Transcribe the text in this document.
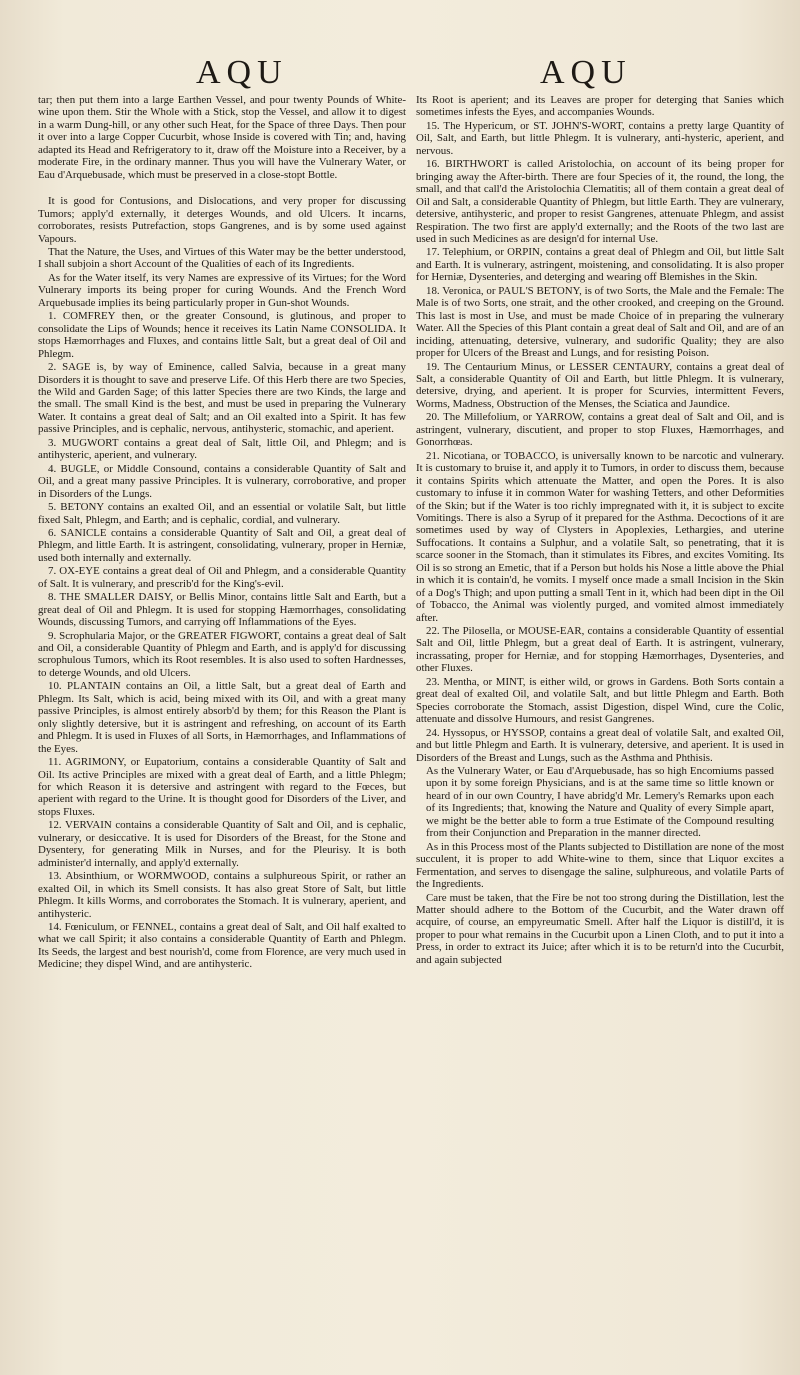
AQU	AQU

tar; then put them into a large Earthen Vessel, and pour twenty Pounds of White-wine upon them. Stir the Whole with a Stick, stop the Vessel, and allow it to digest in a warm Dung-hill, or any other such Heat, for the Space of three Days. Then pour it over into a large Copper Cucurbit, whose Inside is covered with Tin; and, having adapted its Head and Refrigeratory to it, draw off the Moisture into a Receiver, by a moderate Fire, in the ordinary manner. Thus you will have the Vulnerary Water, or Eau d'Arquebusade, which must be preserved in a close-stopt Bottle.

It is good for Contusions, and Dislocations, and very proper for discussing Tumors; apply'd externally, it deterges Wounds, and old Ulcers. It incarns, corroborates, resists Putrefaction, stops Gangrenes, and is by some used against Vapours.

That the Nature, the Uses, and Virtues of this Water may be the better understood, I shall subjoin a short Account of the Qualities of each of its Ingredients.

As for the Water itself, its very Names are expressive of its Virtues; for the Word Vulnerary imports its being proper for curing Wounds. And the French Word Arquebusade implies its being particularly proper in Gun-shot Wounds.

1. COMFREY then, or the greater Consound, is glutinous, and proper to consolidate the Lips of Wounds; hence it receives its Latin Name CONSOLIDA. It stops Hæmorrhages and Fluxes, and contains little Salt, but a great deal of Oil and Phlegm.

2. SAGE is, by way of Eminence, called Salvia, because in a great many Disorders it is thought to save and preserve Life. Of this Herb there are two Species, the Wild and Garden Sage; of this latter Species there are two Kinds, the large and the small. The small Kind is the best, and must be used in preparing the Vulnerary Water. It contains a great deal of Salt; and an Oil exalted into a Spirit. It has few passive Principles, and is cephalic, nervous, antihysteric, stomachic, and aperient.

3. MUGWORT contains a great deal of Salt, little Oil, and Phlegm; and is antihysteric, aperient, and vulnerary.

4. BUGLE, or Middle Consound, contains a considerable Quantity of Salt and Oil, and a great many passive Principles. It is vulnerary, corroborative, and proper in Disorders of the Lungs.

5. BETONY contains an exalted Oil, and an essential or volatile Salt, but little fixed Salt, Phlegm, and Earth; and is cephalic, cordial, and vulnerary.

6. SANICLE contains a considerable Quantity of Salt and Oil, a great deal of Phlegm, and little Earth. It is astringent, consolidating, vulnerary, proper in Herniæ, used both internally and externally.

7. OX-EYE contains a great deal of Oil and Phlegm, and a considerable Quantity of Salt. It is vulnerary, and prescrib'd for the King's-evil.

8. THE SMALLER DAISY, or Bellis Minor, contains little Salt and Earth, but a great deal of Oil and Phlegm. It is used for stopping Hæmorrhages, consolidating Wounds, discussing Tumors, and carrying off Inflammations of the Eyes.

9. Scrophularia Major, or the GREATER FIGWORT, contains a great deal of Salt and Oil, a considerable Quantity of Phlegm and Earth, and is apply'd for discussing scrophulous Tumors, which its Root resembles. It is also used to soften Hardnesses, to deterge Wounds, and old Ulcers.

10. PLANTAIN contains an Oil, a little Salt, but a great deal of Earth and Phlegm. Its Salt, which is acid, being mixed with its Oil, and with a great many passive Principles, is almost entirely absorb'd by them; for this Reason the Plant is only slightly detersive, but it is astringent and refreshing, on account of its Earth and Phlegm. It is used in Fluxes of all Sorts, in Hæmorrhages, and Inflammations of the Eyes.

11. AGRIMONY, or Eupatorium, contains a considerable Quantity of Salt and Oil. Its active Principles are mixed with a great deal of Earth, and a little Phlegm; for which Reason it is detersive and astringent with regard to the Fœces, but aperient with regard to the Urine. It is thought good for Disorders of the Liver, and stops Fluxes.

12. VERVAIN contains a considerable Quantity of Salt and Oil, and is cephalic, vulnerary, or desiccative. It is used for Disorders of the Breast, for the Stone and Dysentery, for generating Milk in Nurses, and for the Pleurisy. It is both administer'd internally, and apply'd externally.

13. Absinthium, or WORMWOOD, contains a sulphureous Spirit, or rather an exalted Oil, in which its Smell consists. It has also great Store of Salt, but little Phlegm. It kills Worms, and corroborates the Stomach. It is vulnerary, aperient, and antihysteric.

14. Fœniculum, or FENNEL, contains a great deal of Salt, and Oil half exalted to what we call Spirit; it also contains a considerable Quantity of Earth and Phlegm. Its Seeds, the largest and best nourish'd, come from Florence, are very much used in Medicine; they dispel Wind, and are antihysteric.

Its Root is aperient; and its Leaves are proper for deterging that Sanies which sometimes infests the Eyes, and accompanies Wounds.

15. The Hypericum, or ST. JOHN'S-WORT, contains a pretty large Quantity of Oil, Salt, and Earth, but little Phlegm. It is vulnerary, anti-hysteric, aperient, and nervous.

16. BIRTHWORT is called Aristolochia, on account of its being proper for bringing away the After-birth. There are four Species of it, the round, the long, the small, and that call'd the Aristolochia Clematitis; all of them contain a great deal of Oil and Salt, a considerable Quantity of Phlegm, but little Earth. They are vulnerary, detersive, antihysteric, and proper to resist Gangrenes, attenuate Phlegm, and assist Respiration. The two first are apply'd externally; and the Roots of the two last are used in such Medicines as are design'd for internal Use.

17. Telephium, or ORPIN, contains a great deal of Phlegm and Oil, but little Salt and Earth. It is vulnerary, astringent, moistening, and consolidating. It is also proper for Herniæ, Dysenteries, and deterging and wearing off Blemishes in the Skin.

18. Veronica, or PAUL'S BETONY, is of two Sorts, the Male and the Female: The Male is of two Sorts, one strait, and the other crooked, and creeping on the Ground. This last is most in Use, and must be made Choice of in preparing the vulnerary Water. All the Species of this Plant contain a great deal of Salt and Oil, and are of an inciding, attenuating, detersive, vulnerary, and sudorific Quality; they are also proper for Ulcers of the Breast and Lungs, and for resisting Poison.

19. The Centaurium Minus, or LESSER CENTAURY, contains a great deal of Salt, a considerable Quantity of Oil and Earth, but little Phlegm. It is vulnerary, detersive, drying, and aperient. It is proper for Scurvies, intermittent Fevers, Worms, Madness, Obstruction of the Menses, the Sciatica and Jaundice.

20. The Millefolium, or YARROW, contains a great deal of Salt and Oil, and is astringent, vulnerary, discutient, and proper to stop Fluxes, Hæmorrhages, and Gonorrhœas.

21. Nicotiana, or TOBACCO, is universally known to be narcotic and vulnerary. It is customary to bruise it, and apply it to Tumors, in order to discuss them, because it contains Spirits which attenuate the Matter, and open the Pores. It is also customary to infuse it in common Water for washing Tetters, and other Deformities of the Skin; but if the Water is too richly impregnated with it, it is subject to excite Vomitings. There is also a Syrup of it prepared for the Asthma. Decoctions of it are sometimes used by way of Clysters in Apoplexies, Lethargies, and uterine Suffocations. It contains a Sulphur, and a volatile Salt, so penetrating, that it is scarce sooner in the Stomach, than it stimulates its Fibres, and excites Vomiting. Its Oil is so strong an Emetic, that if a Person but holds his Nose a little above the Phial in which it is contain'd, he vomits. I myself once made a small Incision in the Skin of a Dog's Thigh; and upon putting a small Tent in it, which had been dipt in the Oil of Tobacco, the Animal was violently purged, and vomited almost immediately after.

22. The Pilosella, or MOUSE-EAR, contains a considerable Quantity of essential Salt and Oil, little Phlegm, but a great deal of Earth. It is astringent, vulnerary, incrassating, proper for Herniæ, and for stopping Hæmorrhages, Dysenteries, and other Fluxes.

23. Mentha, or MINT, is either wild, or grows in Gardens. Both Sorts contain a great deal of exalted Oil, and volatile Salt, and but little Phlegm and Earth. Both Species corroborate the Stomach, assist Digestion, dispel Wind, cure the Colic, attenuate and dissolve Humours, and resist Gangrenes.

24. Hyssopus, or HYSSOP, contains a great deal of volatile Salt, and exalted Oil, and but little Phlegm and Earth. It is vulnerary, detersive, and aperient. It is used in Disorders of the Breast and Lungs, such as the Asthma and Phthisis.

As the Vulnerary Water, or Eau d'Arquebusade, has so high Encomiums passed upon it by some foreign Physicians, and is at the same time so little known or heard of in our own Country, I have abridg'd Mr. Lemery's Remarks upon each of its Ingredients; that, knowing the Nature and Quality of every Simple apart, we might be the better able to form a true Estimate of the Compound resulting from their Conjunction and Preparation in the manner directed.

As in this Process most of the Plants subjected to Distillation are none of the most succulent, it is proper to add White-wine to them, since that Liquor excites a Fermentation, and serves to disengage the saline, sulphureous, and volatile Parts of the Ingredients.

Care must be taken, that the Fire be not too strong during the Distillation, lest the Matter should adhere to the Bottom of the Cucurbit, and the Water drawn off acquire, of course, an empyreumatic Smell. After half the Liquor is distill'd, it is proper to pour what remains in the Cucurbit upon a Linen Cloth, and to put it into a Press, in order to extract its Juice; after which it is to be return'd into the Cucurbit, and again subjected
